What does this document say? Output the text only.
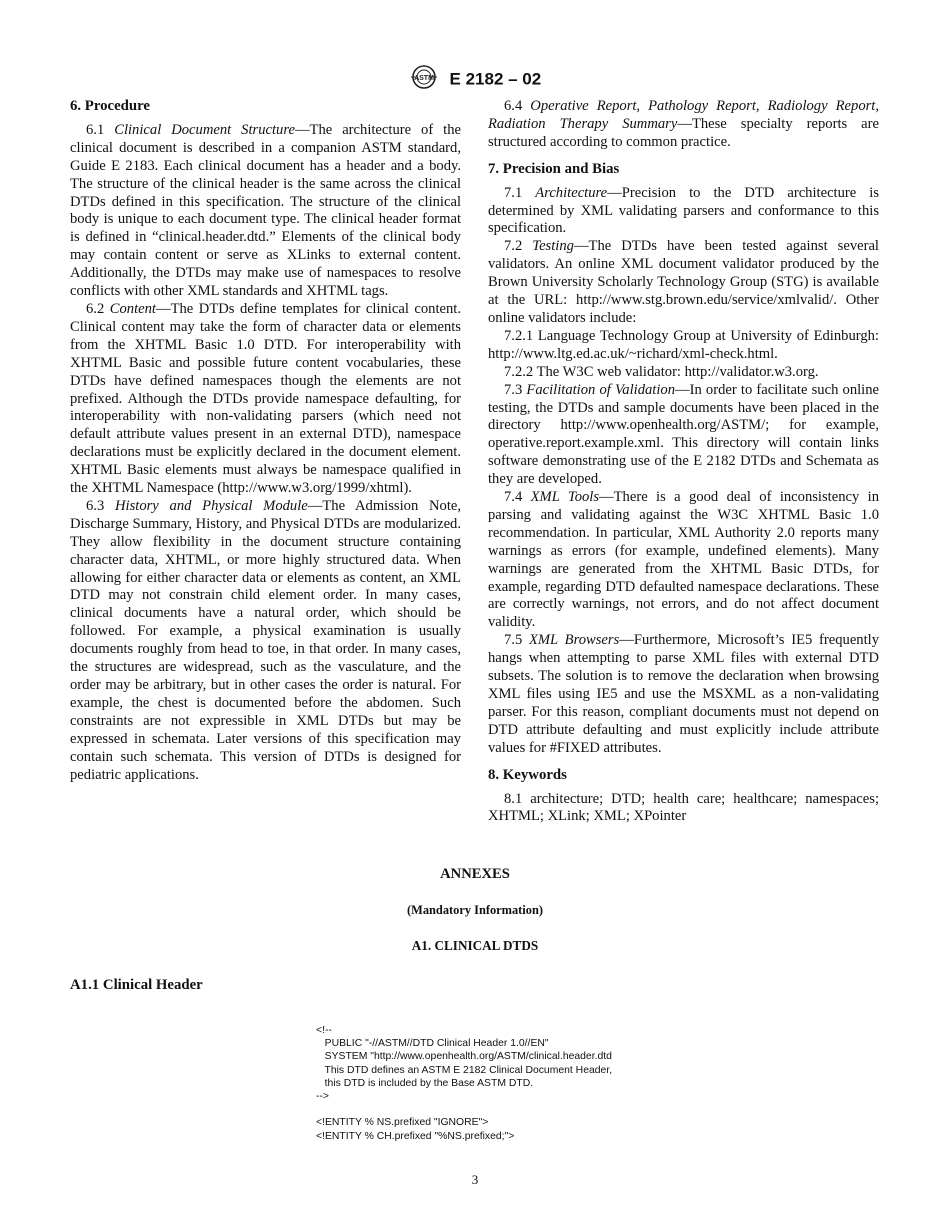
ASTM E 2182 – 02
6. Procedure

6.1 Clinical Document Structure—The architecture of the clinical document is described in a companion ASTM standard, Guide E 2183. Each clinical document has a header and a body. The structure of the clinical header is the same across the clinical DTDs defined in this specification. The structure of the clinical body is unique to each document type. The clinical header format is defined in “clinical.header.dtd.” Elements of the clinical body may contain content or serve as XLinks to external content. Additionally, the DTDs may make use of namespaces to resolve conflicts with other XML standards and XHTML tags.

6.2 Content—The DTDs define templates for clinical content. Clinical content may take the form of character data or elements from the XHTML Basic 1.0 DTD. For interoperability with XHTML Basic and possible future content vocabularies, these DTDs have defined namespaces though the elements are not prefixed. Although the DTDs provide namespace defaulting, for interoperability with non-validating parsers (which need not default attribute values present in an external DTD), namespace declarations must be explicitly declared in the document element. XHTML Basic elements must always be namespace qualified in the XHTML Namespace (http://www.w3.org/1999/xhtml).

6.3 History and Physical Module—The Admission Note, Discharge Summary, History, and Physical DTDs are modularized. They allow flexibility in the document structure containing character data, XHTML, or more highly structured data. When allowing for either character data or elements as content, an XML DTD may not constrain child element order. In many cases, clinical documents have a natural order, which should be followed. For example, a physical examination is usually documents roughly from head to toe, in that order. In many cases, the structures are widespread, such as the vasculature, and the order may be arbitrary, but in other cases the order is natural. For example, the chest is documented before the abdomen. Such constraints are not expressible in XML DTDs but may be expressed in schemata. Later versions of this specification may contain such schemata. This version of DTDs is designed for pediatric applications.

6.4 Operative Report, Pathology Report, Radiology Report, Radiation Therapy Summary—These specialty reports are structured according to common practice.

7. Precision and Bias

7.1 Architecture—Precision to the DTD architecture is determined by XML validating parsers and conformance to this specification.

7.2 Testing—The DTDs have been tested against several validators. An online XML document validator produced by the Brown University Scholarly Technology Group (STG) is available at the URL: http://www.stg.brown.edu/service/xmlvalid/. Other online validators include:

7.2.1 Language Technology Group at University of Edinburgh: http://www.ltg.ed.ac.uk/~richard/xml-check.html.

7.2.2 The W3C web validator: http://validator.w3.org.

7.3 Facilitation of Validation—In order to facilitate such online testing, the DTDs and sample documents have been placed in the directory http://www.openhealth.org/ASTM/; for example, operative.report.example.xml. This directory will contain links software demonstrating use of the E 2182 DTDs and Schemata as they are developed.

7.4 XML Tools—There is a good deal of inconsistency in parsing and validating against the W3C XHTML Basic 1.0 recommendation. In particular, XML Authority 2.0 reports many warnings as errors (for example, undefined elements). Many warnings are generated from the XHTML Basic DTDs, for example, regarding DTD defaulted namespace declarations. These are correctly warnings, not errors, and do not affect document validity.

7.5 XML Browsers—Furthermore, Microsoft’s IE5 frequently hangs when attempting to parse XML files with external DTD subsets. The solution is to remove the declaration when browsing XML files using IE5 and use the MSXML as a non-validating parser. For this reason, compliant documents must not depend on DTD attribute defaulting and must explicitly include attribute values for #FIXED attributes.

8. Keywords

8.1 architecture; DTD; health care; healthcare; namespaces; XHTML; XLink; XML; XPointer

ANNEXES
(Mandatory Information)
A1. CLINICAL DTDS
A1.1 Clinical Header
<!--
PUBLIC "-//ASTM//DTD Clinical Header 1.0//EN"
SYSTEM "http://www.openhealth.org/ASTM/clinical.header.dtd
This DTD defines an ASTM E 2182 Clinical Document Header,
this DTD is included by the Base ASTM DTD.
-->

<!ENTITY % NS.prefixed "IGNORE">
<!ENTITY % CH.prefixed "%NS.prefixed;">
3
